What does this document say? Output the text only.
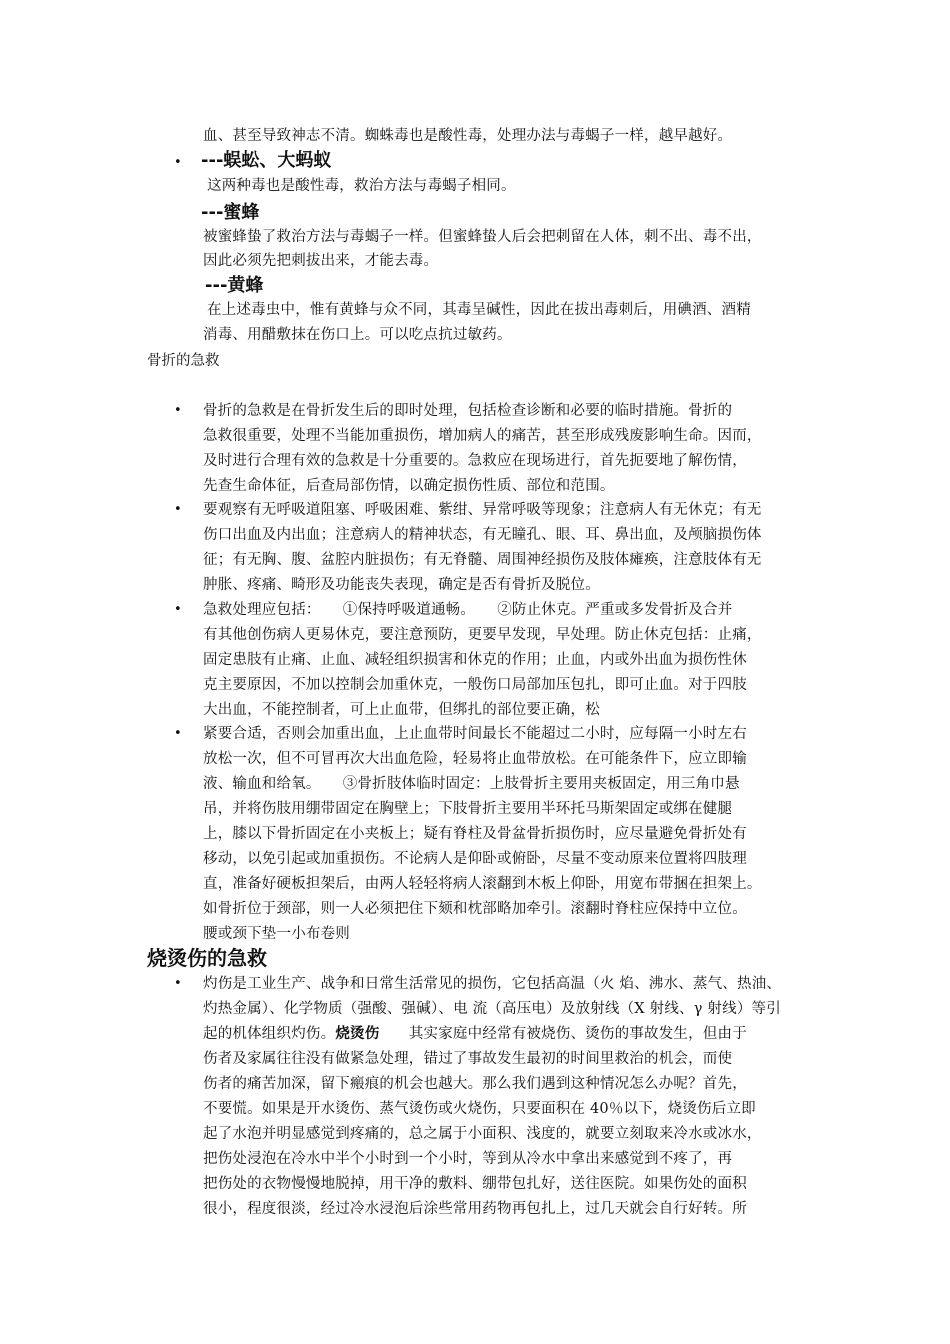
血、甚至导致神志不清。蜘蛛毒也是酸性毒，处理办法与毒蝎子一样，越早越好。

• ---蜈蚣、大蚂蚁

这两种毒也是酸性毒，救治方法与毒蝎子相同。

---蜜蜂

被蜜蜂蛰了救治方法与毒蝎子一样。但蜜蜂蛰人后会把刺留在人体，刺不出、毒不出，

因此必须先把刺拔出来，才能去毒。

---黄蜂

在上述毒虫中，惟有黄蜂与众不同，其毒呈碱性，因此在拔出毒刺后，用碘酒、酒精

消毒、用醋敷抹在伤口上。可以吃点抗过敏药。

骨折的急救

• 骨折的急救是在骨折发生后的即时处理，包括检查诊断和必要的临时措施。骨折的

急救很重要，处理不当能加重损伤，增加病人的痛苦，甚至形成残废影响生命。因而，

及时进行合理有效的急救是十分重要的。急救应在现场进行，首先扼要地了解伤情，

先查生命体征，后查局部伤情，以确定损伤性质、部位和范围。

• 要观察有无呼吸道阻塞、呼吸困难、紫绀、异常呼吸等现象；注意病人有无休克；有无

伤口出血及内出血；注意病人的精神状态，有无瞳孔、眼、耳、鼻出血，及颅脑损伤体

征；有无胸、腹、盆腔内脏损伤；有无脊髓、周围神经损伤及肢体瘫痪，注意肢体有无

肿胀、疼痛、畸形及功能丧失表现，确定是否有骨折及脱位。

• 急救处理应包括：　　①保持呼吸道通畅。　　②防止休克。严重或多发骨折及合并

有其他创伤病人更易休克，要注意预防，更要早发现，早处理。防止休克包括：止痛，

固定患肢有止痛、止血、减轻组织损害和休克的作用；止血，内或外出血为损伤性休

克主要原因，不加以控制会加重休克，一般伤口局部加压包扎，即可止血。对于四肢

大出血，不能控制者，可上止血带，但绑扎的部位要正确，松

• 紧要合适，否则会加重出血，上止血带时间最长不能超过二小时，应每隔一小时左右

放松一次，但不可冒再次大出血危险，轻易将止血带放松。在可能条件下，应立即输

液、输血和给氧。　　③骨折肢体临时固定：上肢骨折主要用夹板固定，用三角巾悬

吊，并将伤肢用绷带固定在胸壁上；下肢骨折主要用半环托马斯架固定或绑在健腿

上，膝以下骨折固定在小夹板上；疑有脊柱及骨盆骨折损伤时，应尽量避免骨折处有

移动，以免引起或加重损伤。不论病人是仰卧或俯卧，尽量不变动原来位置将四肢理

直，准备好硬板担架后，由两人轻轻将病人滚翻到木板上仰卧，用宽布带捆在担架上。

如骨折位于颈部，则一人必须把住下颏和枕部略加牵引。滚翻时脊柱应保持中立位。

腰或颈下垫一小布卷则

烧烫伤的急救

• 灼伤是工业生产、战争和日常生活常见的损伤，它包括高温（火 焰、沸水、蒸气、热油、

灼热金属）、化学物质（强酸、强碱）、电 流（高压电）及放射线（X 射线、γ 射线）等引

起的机体组织灼伤。烧烫伤　　其实家庭中经常有被烧伤、烫伤的事故发生，但由于

伤者及家属往往没有做紧急处理，错过了事故发生最初的时间里救治的机会，而使

伤者的痛苦加深，留下瘢痕的机会也越大。那么我们遇到这种情况怎么办呢？首先，

不要慌。如果是开水烫伤、蒸气烫伤或火烧伤，只要面积在 40％以下，烧烫伤后立即

起了水泡并明显感觉到疼痛的，总之属于小面积、浅度的，就要立刻取来冷水或冰水，

把伤处浸泡在冷水中半个小时到一个小时，等到从冷水中拿出来感觉到不疼了，再

把伤处的衣物慢慢地脱掉，用干净的敷料、绷带包扎好，送往医院。如果伤处的面积

很小，程度很淡，经过冷水浸泡后涂些常用药物再包扎上，过几天就会自行好转。所
